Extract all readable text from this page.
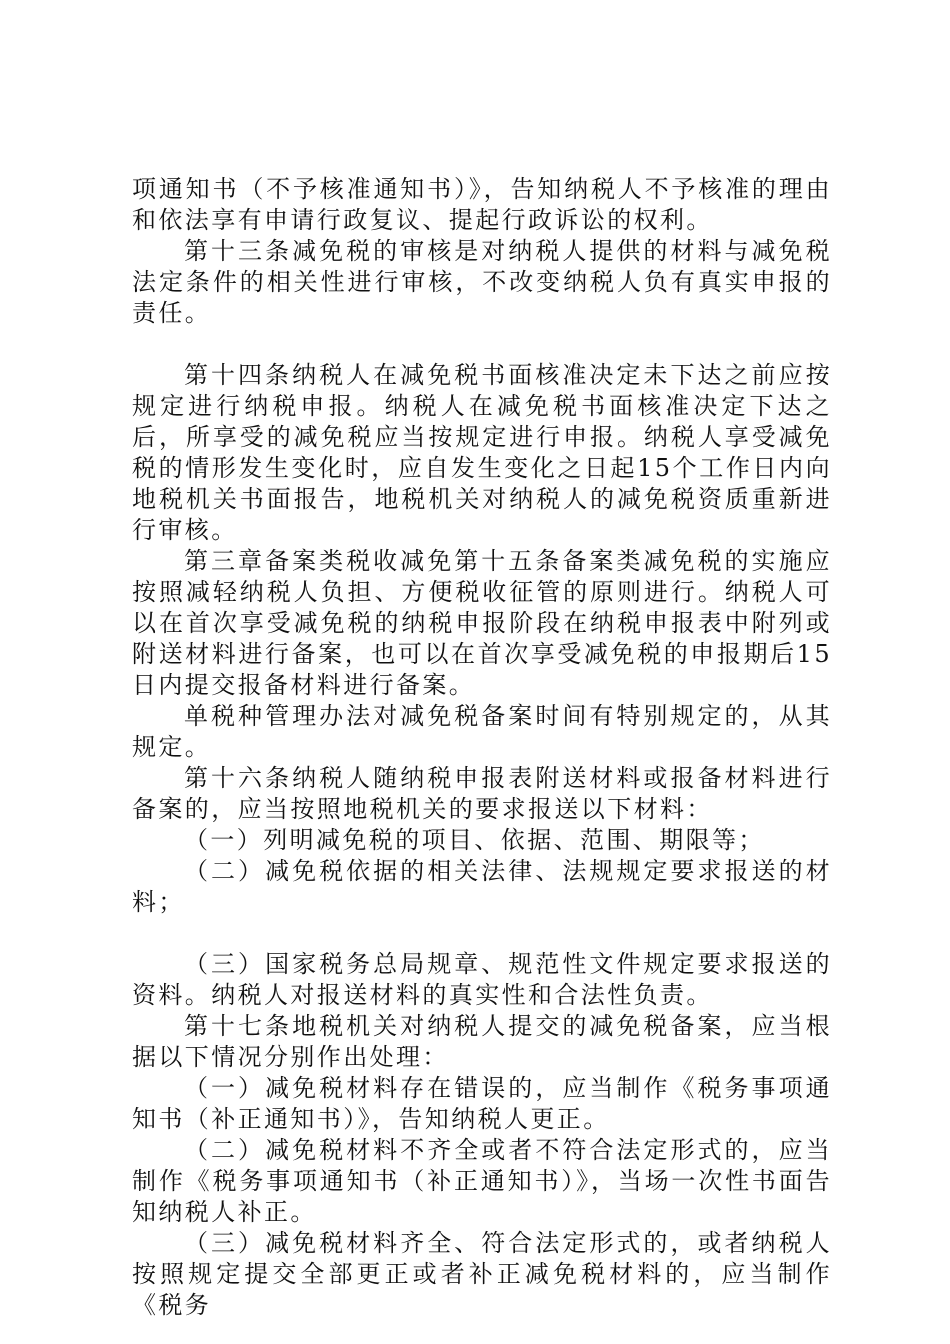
项通知书（不予核准通知书）》，告知纳税人不予核准的理由和依法享有申请行政复议、提起行政诉讼的权利。

第十三条减免税的审核是对纳税人提供的材料与减免税法定条件的相关性进行审核，不改变纳税人负有真实申报的责任。

第十四条纳税人在减免税书面核准决定未下达之前应按规定进行纳税申报。纳税人在减免税书面核准决定下达之后，所享受的减免税应当按规定进行申报。纳税人享受减免税的情形发生变化时，应自发生变化之日起15个工作日内向地税机关书面报告，地税机关对纳税人的减免税资质重新进行审核。

第三章备案类税收减免第十五条备案类减免税的实施应按照减轻纳税人负担、方便税收征管的原则进行。纳税人可以在首次享受减免税的纳税申报阶段在纳税申报表中附列或附送材料进行备案，也可以在首次享受减免税的申报期后15日内提交报备材料进行备案。

单税种管理办法对减免税备案时间有特别规定的，从其规定。

第十六条纳税人随纳税申报表附送材料或报备材料进行备案的，应当按照地税机关的要求报送以下材料：

（一）列明减免税的项目、依据、范围、期限等；

（二）减免税依据的相关法律、法规规定要求报送的材料；

（三）国家税务总局规章、规范性文件规定要求报送的资料。纳税人对报送材料的真实性和合法性负责。

第十七条地税机关对纳税人提交的减免税备案，应当根据以下情况分别作出处理：

（一）减免税材料存在错误的，应当制作《税务事项通知书（补正通知书）》，告知纳税人更正。

（二）减免税材料不齐全或者不符合法定形式的，应当制作《税务事项通知书（补正通知书）》，当场一次性书面告知纳税人补正。

（三）减免税材料齐全、符合法定形式的，或者纳税人按照规定提交全部更正或者补正减免税材料的，应当制作《税务
